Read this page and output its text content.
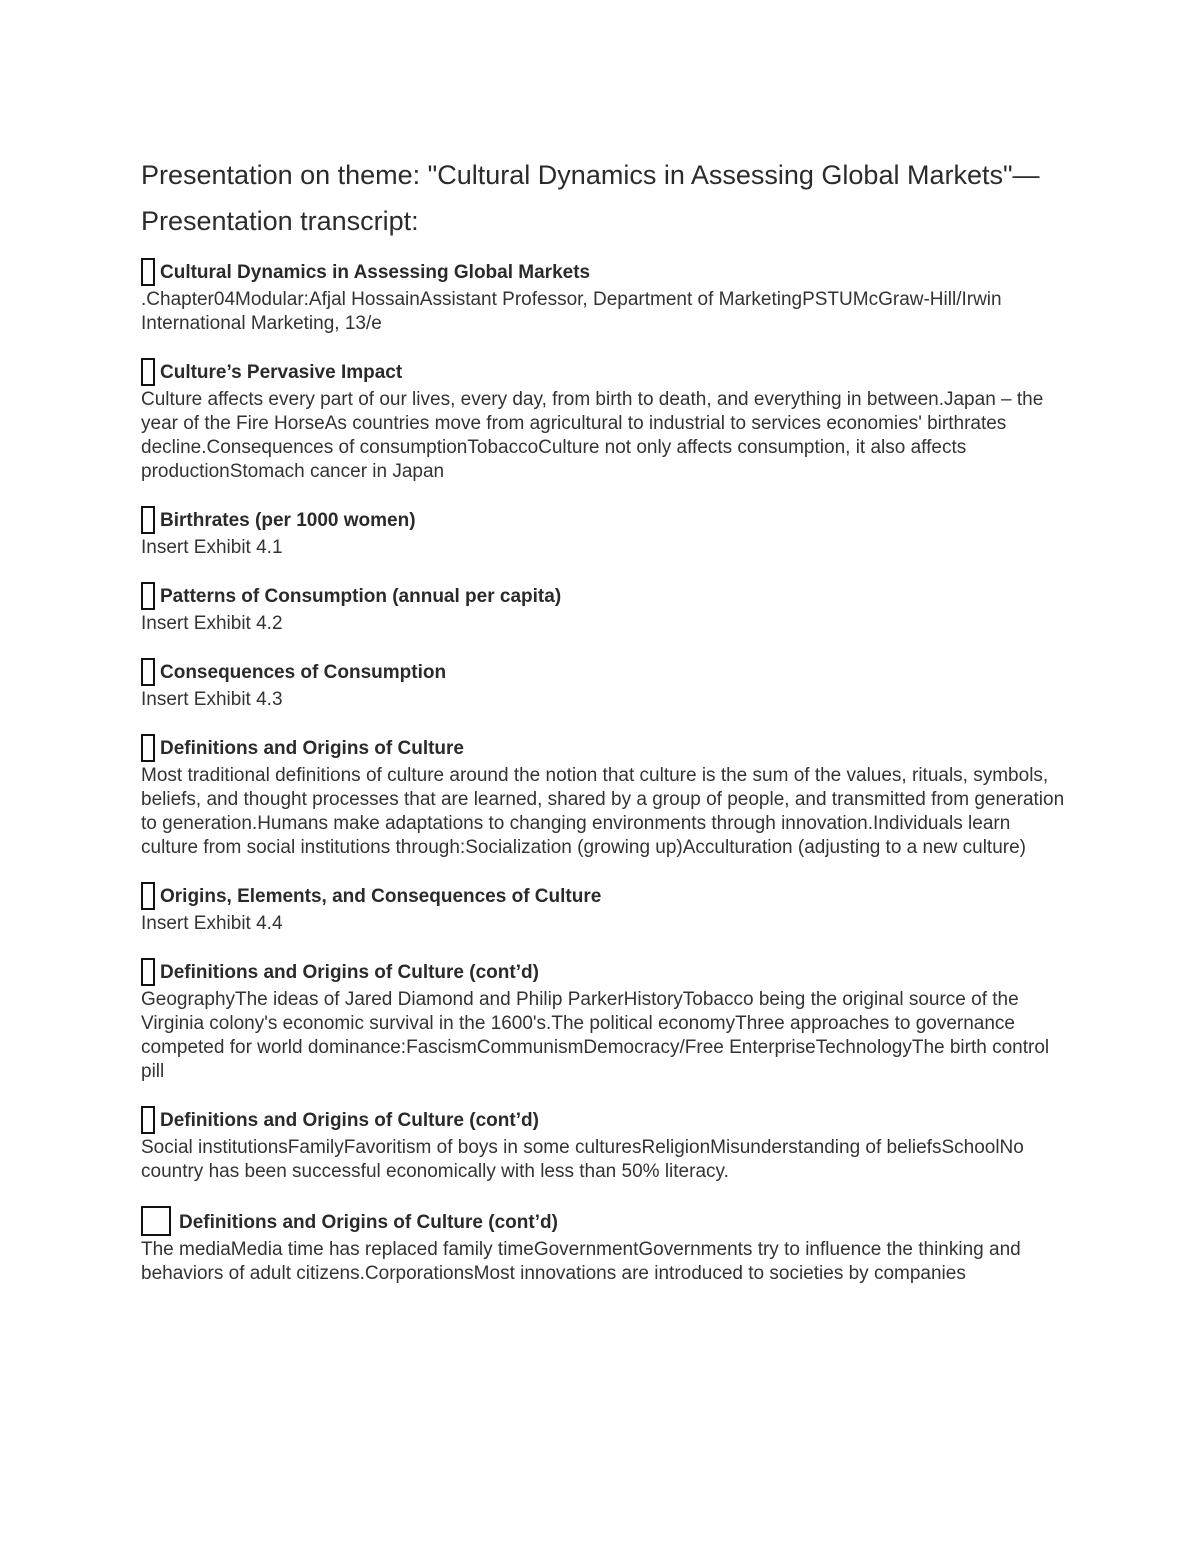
Presentation on theme: "Cultural Dynamics in Assessing Global Markets"— Presentation transcript:
Cultural Dynamics in Assessing Global Markets

.Chapter04Modular:Afjal HossainAssistant Professor, Department of MarketingPSTUMcGraw-Hill/Irwin International Marketing, 13/e

Culture’s Pervasive Impact

Culture affects every part of our lives, every day, from birth to death, and everything in between.Japan – the year of the Fire HorseAs countries move from agricultural to industrial to services economies' birthrates decline.Consequences of consumptionTobaccoCulture not only affects consumption, it also affects productionStomach cancer in Japan

Birthrates (per 1000 women)

Insert Exhibit 4.1

Patterns of Consumption (annual per capita)

Insert Exhibit 4.2

Consequences of Consumption

Insert Exhibit 4.3

Definitions and Origins of Culture

Most traditional definitions of culture around the notion that culture is the sum of the values, rituals, symbols, beliefs, and thought processes that are learned, shared by a group of people, and transmitted from generation to generation.Humans make adaptations to changing environments through innovation.Individuals learn culture from social institutions through:Socialization (growing up)Acculturation (adjusting to a new culture)

Origins, Elements, and Consequences of Culture

Insert Exhibit 4.4

Definitions and Origins of Culture (cont’d)

GeographyThe ideas of Jared Diamond and Philip ParkerHistoryTobacco being the original source of the Virginia colony's economic survival in the 1600's.The political economyThree approaches to governance competed for world dominance:FascismCommunismDemocracy/Free EnterpriseTechnologyThe birth control pill

Definitions and Origins of Culture (cont’d)

Social institutionsFamilyFavoritism of boys in some culturesReligionMisunderstanding of beliefsSchoolNo country has been successful economically with less than 50% literacy.

Definitions and Origins of Culture (cont’d)

The mediaMedia time has replaced family timeGovernmentGovernments try to influence the thinking and behaviors of adult citizens.CorporationsMost innovations are introduced to societies by companies
